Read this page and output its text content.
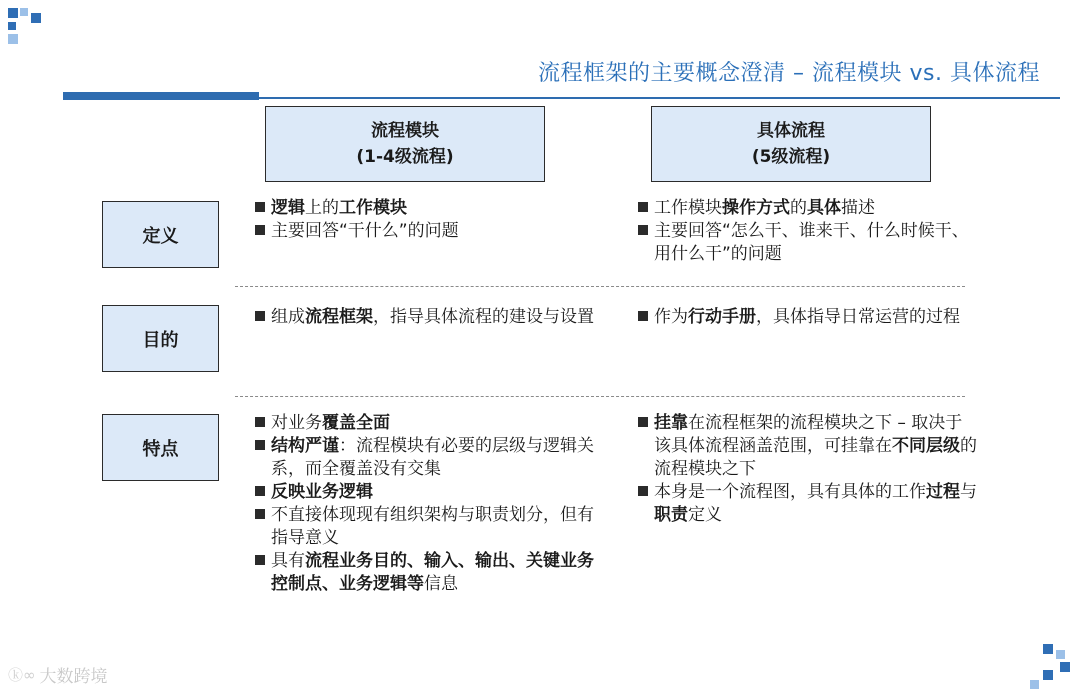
流程框架的主要概念澄清 – 流程模块 vs. 具体流程
流程模块
(1-4级流程)
具体流程
(5级流程)
定义
目的
特点
逻辑上的工作模块
主要回答“干什么”的问题
工作模块操作方式的具体描述
主要回答“怎么干、谁来干、什么时候干、用什么干”的问题
组成流程框架，指导具体流程的建设与设置	作为行动手册，具体指导日常运营的过程
对业务覆盖全面
结构严谨：流程模块有必要的层级与逻辑关系，而全覆盖没有交集
反映业务逻辑
不直接体现现有组织架构与职责划分，但有指导意义
具有流程业务目的、输入、输出、关键业务控制点、业务逻辑等信息
挂靠在流程框架的流程模块之下 – 取决于该具体流程涵盖范围，可挂靠在不同层级的流程模块之下
本身是一个流程图，具有具体的工作过程与职责定义
ⓚ∞ 大数跨境
